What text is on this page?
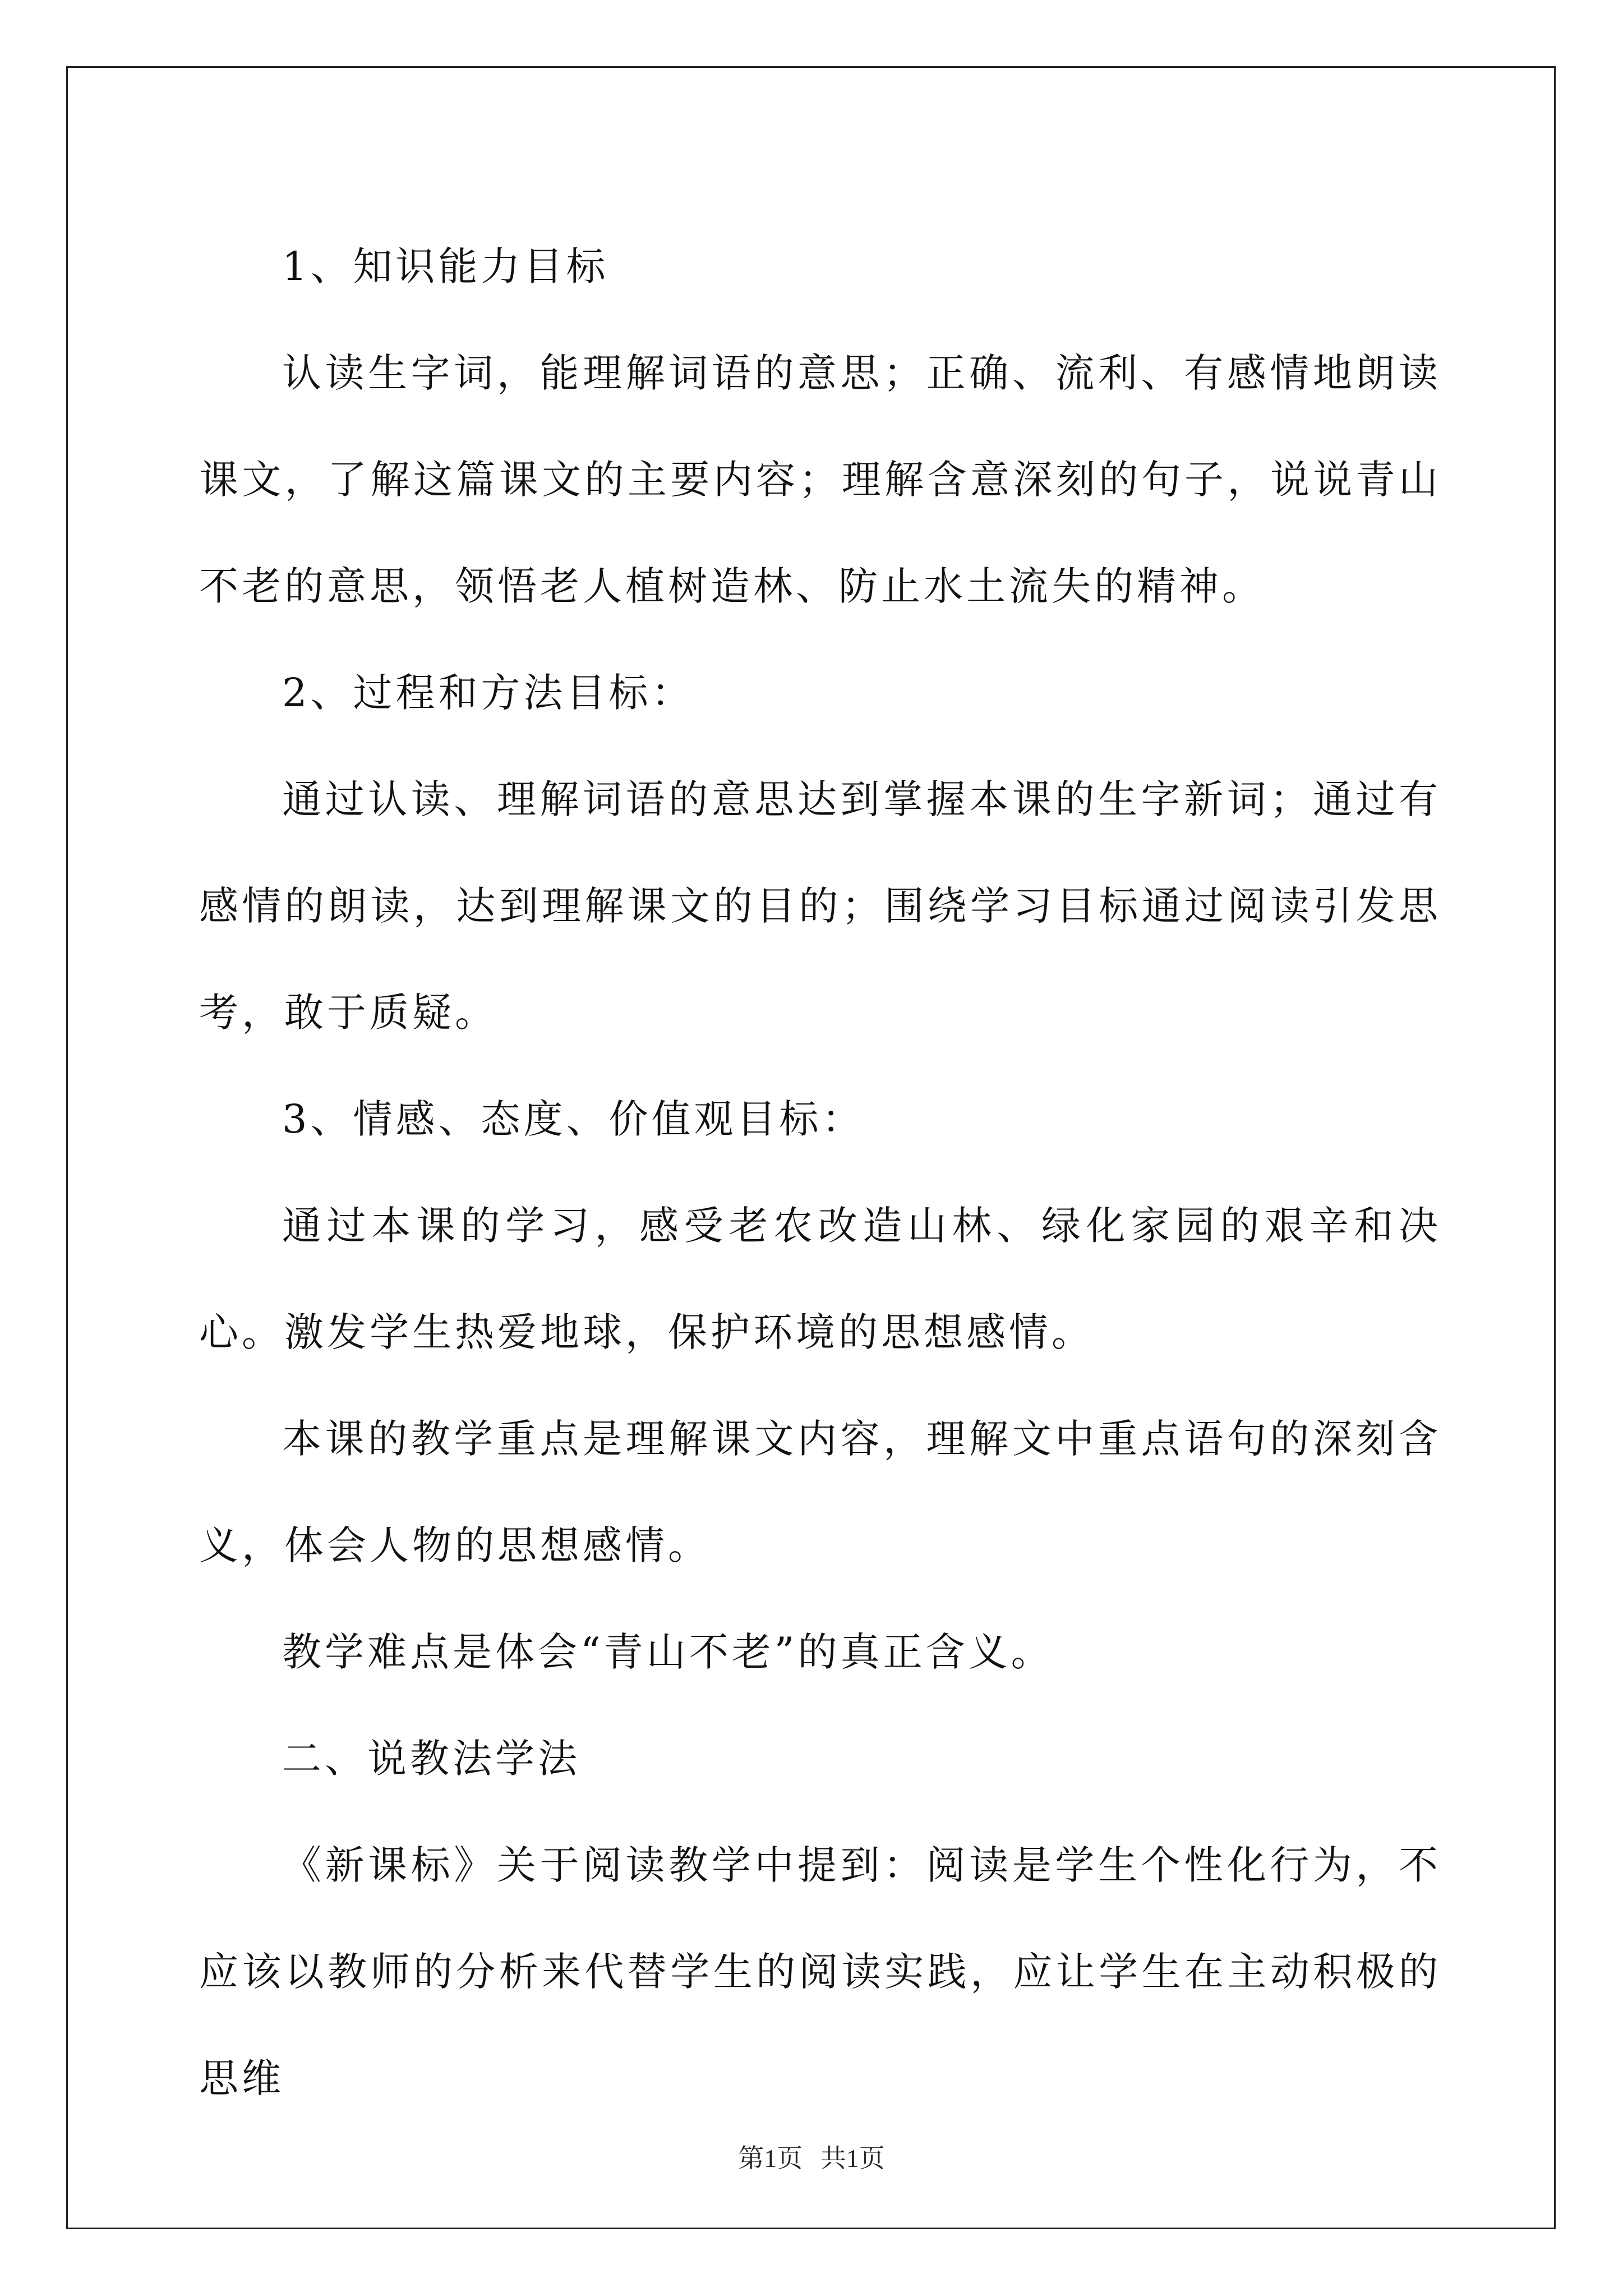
1、知识能力目标

认读生字词，能理解词语的意思；正确、流利、有感情地朗读课文，了解这篇课文的主要内容；理解含意深刻的句子，说说青山不老的意思，领悟老人植树造林、防止水土流失的精神。

2、过程和方法目标：

通过认读、理解词语的意思达到掌握本课的生字新词；通过有感情的朗读，达到理解课文的目的；围绕学习目标通过阅读引发思考，敢于质疑。

3、情感、态度、价值观目标：

通过本课的学习，感受老农改造山林、绿化家园的艰辛和决心。激发学生热爱地球，保护环境的思想感情。

本课的教学重点是理解课文内容，理解文中重点语句的深刻含义，体会人物的思想感情。

教学难点是体会“青山不老”的真正含义。

二、说教法学法

《新课标》关于阅读教学中提到：阅读是学生个性化行为，不应该以教师的分析来代替学生的阅读实践，应让学生在主动积极的思维

第1页 共1页
